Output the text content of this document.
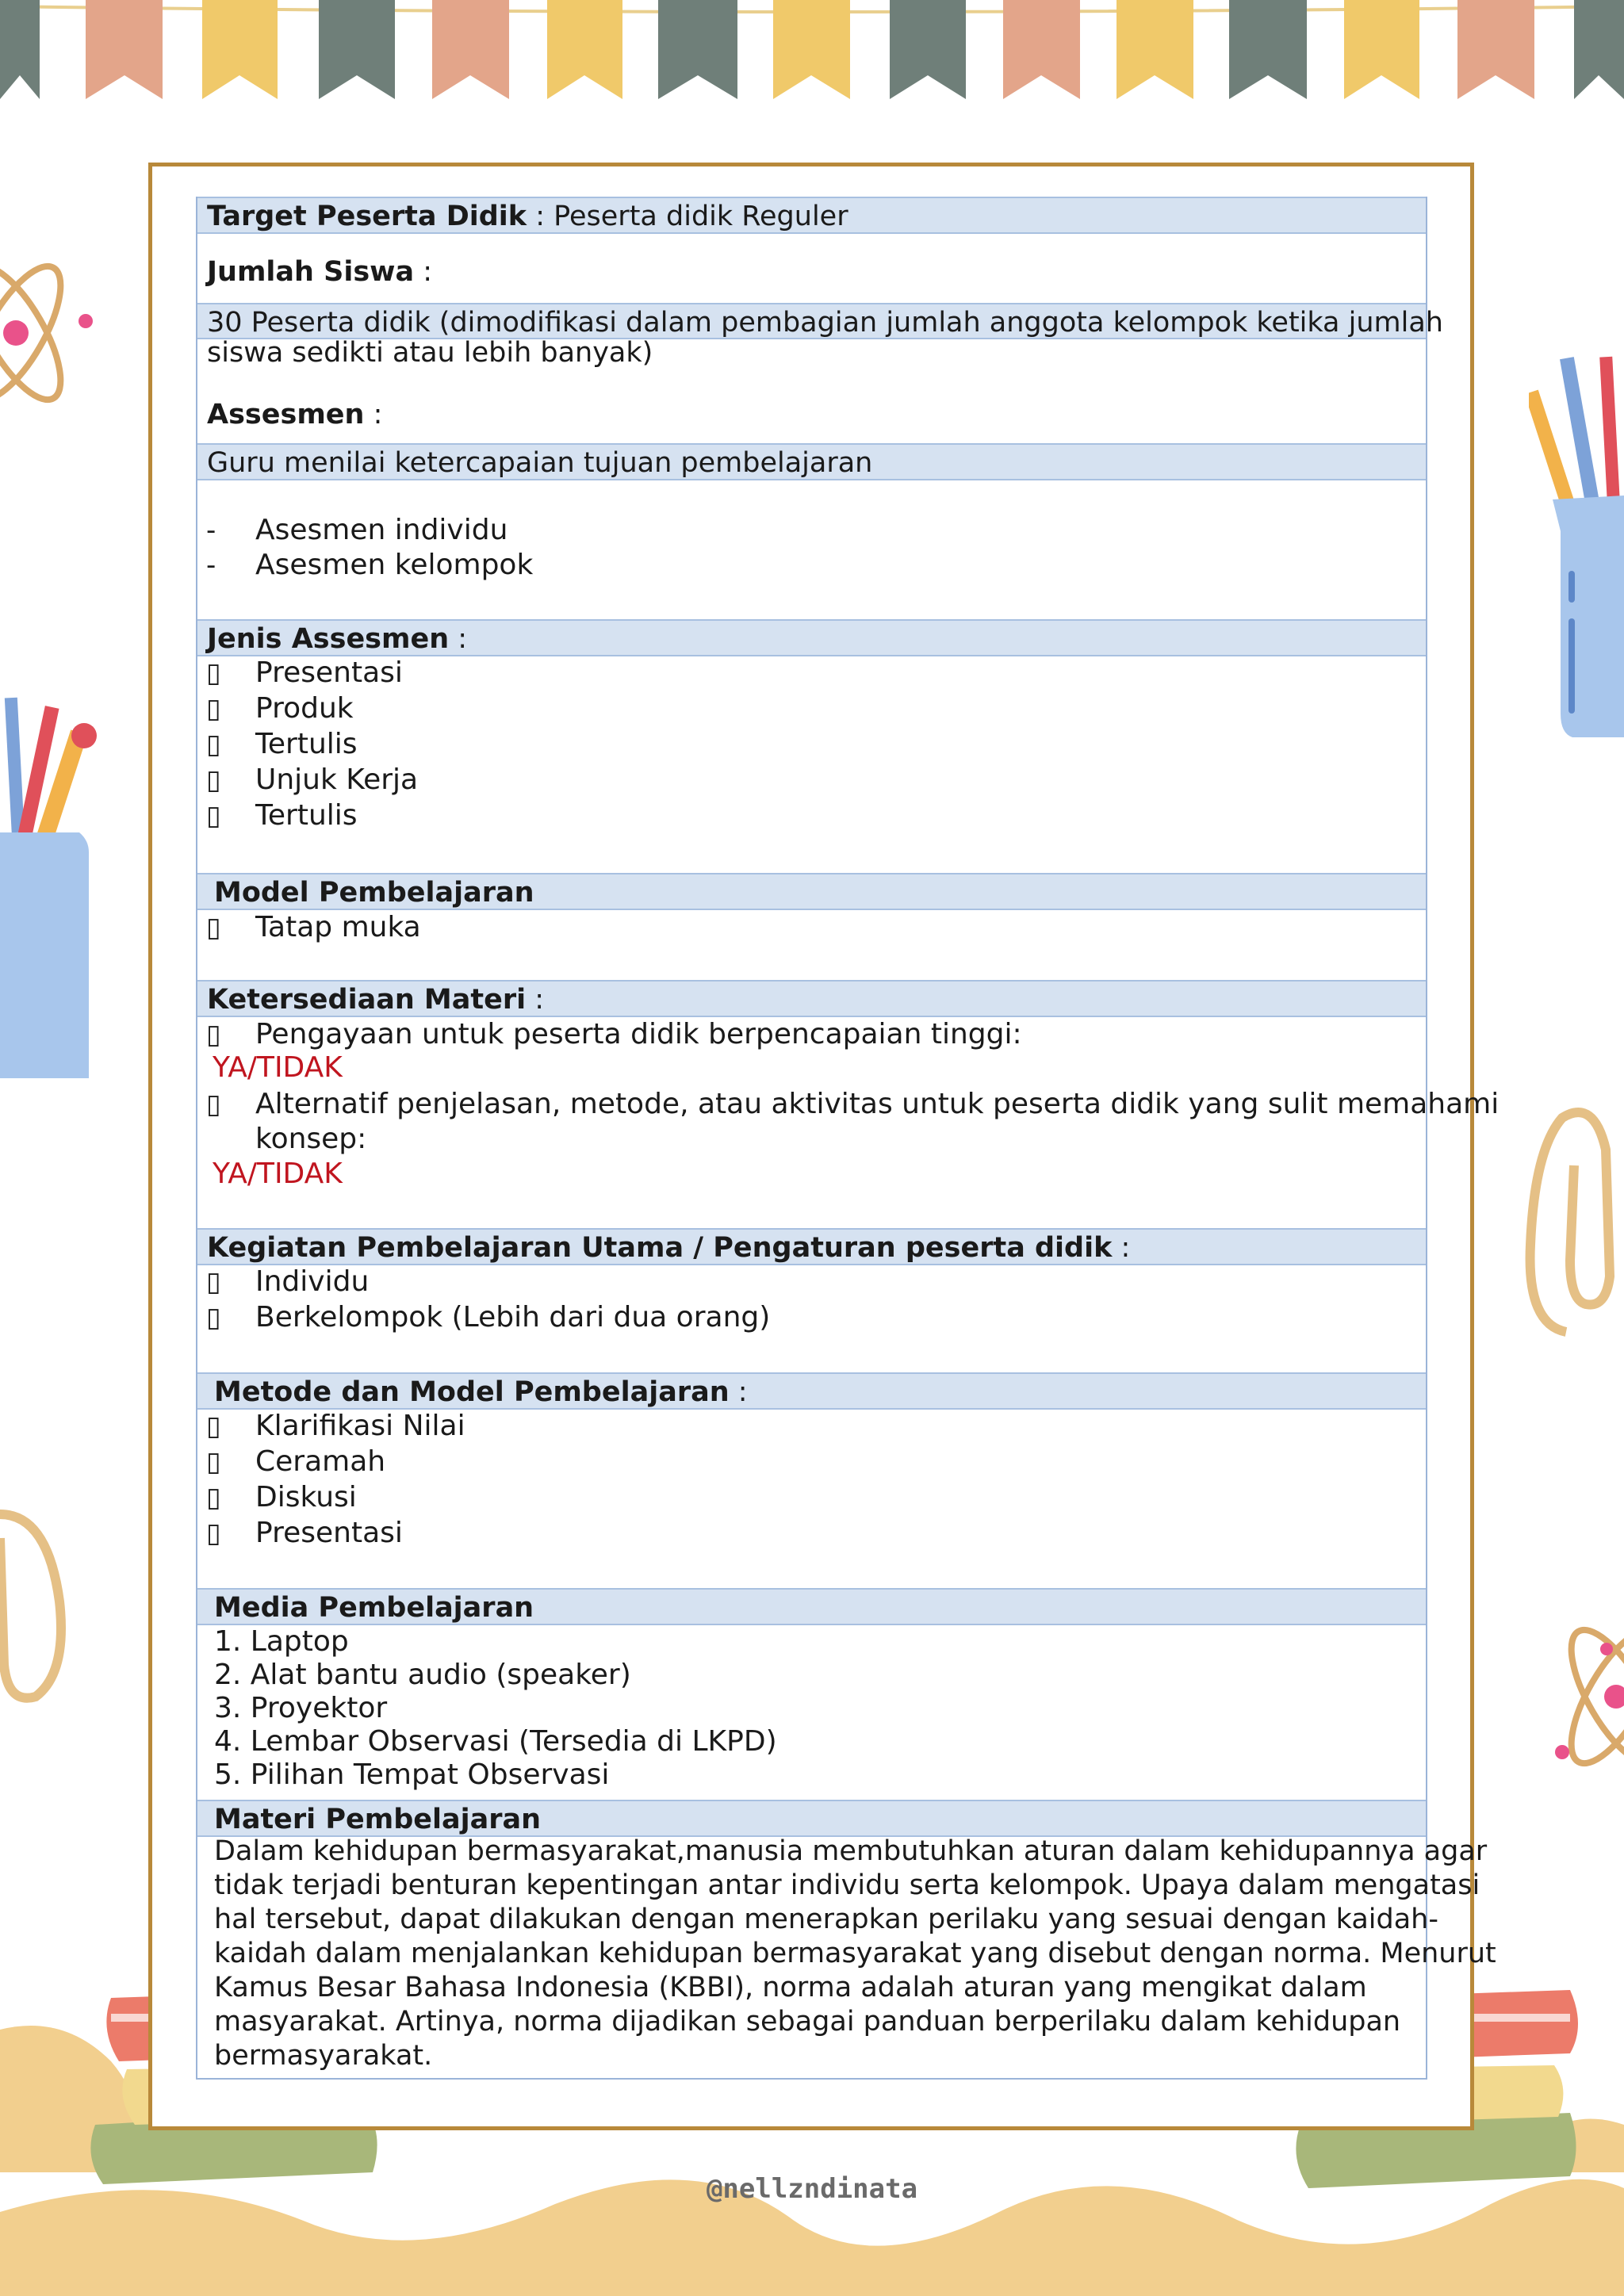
Target Peserta Didik : Peserta didik Reguler
Jumlah Siswa :
30 Peserta didik (dimodifikasi dalam pembagian jumlah anggota kelompok ketika jumlah
siswa sedikti atau lebih banyak)
Assesmen :
Guru menilai ketercapaian tujuan pembelajaran
- Asesmen individu
- Asesmen kelompok
Jenis Assesmen :
▯ Presentasi
▯ Produk
▯ Tertulis
▯ Unjuk Kerja
▯ Tertulis
Model Pembelajaran
▯ Tatap muka
Ketersediaan Materi :
▯ Pengayaan untuk peserta didik berpencapaian tinggi:
YA/TIDAK
▯ Alternatif penjelasan, metode, atau aktivitas untuk peserta didik yang sulit memahami
konsep:
YA/TIDAK
Kegiatan Pembelajaran Utama / Pengaturan peserta didik :
▯ Individu
▯ Berkelompok (Lebih dari dua orang)
Metode dan Model Pembelajaran :
▯ Klarifikasi Nilai
▯ Ceramah
▯ Diskusi
▯ Presentasi
Media Pembelajaran
1. Laptop
2. Alat bantu audio (speaker)
3. Proyektor
4. Lembar Observasi (Tersedia di LKPD)
5. Pilihan Tempat Observasi
Materi Pembelajaran
Dalam kehidupan bermasyarakat,manusia membutuhkan aturan dalam kehidupannya agar
tidak terjadi benturan kepentingan antar individu serta kelompok. Upaya dalam mengatasi
hal tersebut, dapat dilakukan dengan menerapkan perilaku yang sesuai dengan kaidah-
kaidah dalam menjalankan kehidupan bermasyarakat yang disebut dengan norma. Menurut
Kamus Besar Bahasa Indonesia (KBBI), norma adalah aturan yang mengikat dalam
masyarakat. Artinya, norma dijadikan sebagai panduan berperilaku dalam kehidupan
bermasyarakat.
@nellzndinata
